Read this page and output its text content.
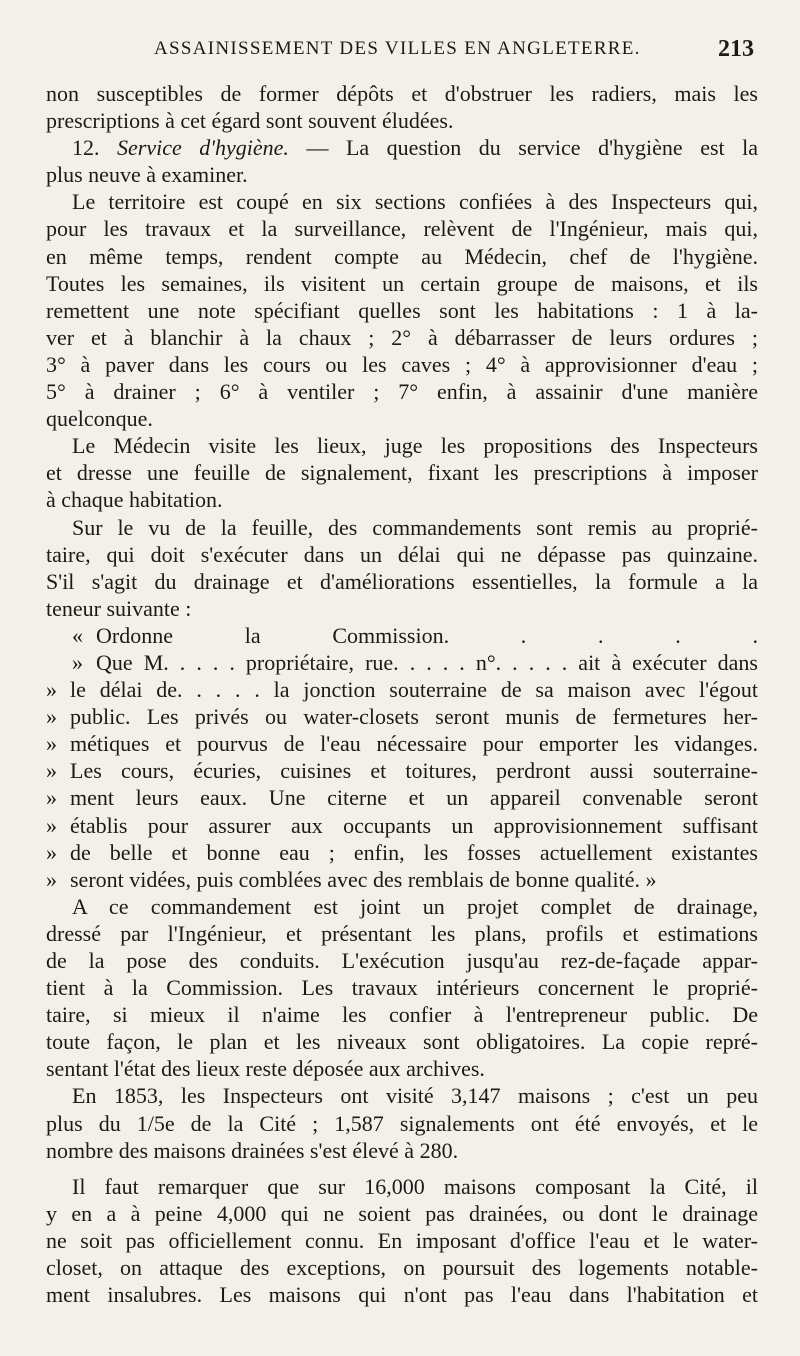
ASSAINISSEMENT DES VILLES EN ANGLETERRE.	213

non susceptibles de former dépôts et d'obstruer les radiers, mais les
prescriptions à cet égard sont souvent éludées.

12. Service d'hygiène. — La question du service d'hygiène est la
plus neuve à examiner.

Le territoire est coupé en six sections confiées à des Inspecteurs qui,
pour les travaux et la surveillance, relèvent de l'Ingénieur, mais qui,
en même temps, rendent compte au Médecin, chef de l'hygiène.
Toutes les semaines, ils visitent un certain groupe de maisons, et ils
remettent une note spécifiant quelles sont les habitations : 1 à la-
ver et à blanchir à la chaux ; 2° à débarrasser de leurs ordures ;
3° à paver dans les cours ou les caves ; 4° à approvisionner d'eau ;
5° à drainer ; 6° à ventiler ; 7° enfin, à assainir d'une manière
quelconque.

Le Médecin visite les lieux, juge les propositions des Inspecteurs
et dresse une feuille de signalement, fixant les prescriptions à imposer
à chaque habitation.

Sur le vu de la feuille, des commandements sont remis au proprié-
taire, qui doit s'exécuter dans un délai qui ne dépasse pas quinzaine.
S'il s'agit du drainage et d'améliorations essentielles, la formule a la
teneur suivante :

« Ordonne la Commission. . . . .
» Que M. . . . . propriétaire, rue. . . . . n°. . . . . ait à exécuter dans
» le délai de. . . . . la jonction souterraine de sa maison avec l'égout
» public. Les privés ou water-closets seront munis de fermetures her-
» métiques et pourvus de l'eau nécessaire pour emporter les vidanges.
» Les cours, écuries, cuisines et toitures, perdront aussi souterraine-
» ment leurs eaux. Une citerne et un appareil convenable seront
» établis pour assurer aux occupants un approvisionnement suffisant
» de belle et bonne eau ; enfin, les fosses actuellement existantes
» seront vidées, puis comblées avec des remblais de bonne qualité. »

A ce commandement est joint un projet complet de drainage,
dressé par l'Ingénieur, et présentant les plans, profils et estimations
de la pose des conduits. L'exécution jusqu'au rez-de-façade appar-
tient à la Commission. Les travaux intérieurs concernent le proprié-
taire, si mieux il n'aime les confier à l'entrepreneur public. De
toute façon, le plan et les niveaux sont obligatoires. La copie repré-
sentant l'état des lieux reste déposée aux archives.

En 1853, les Inspecteurs ont visité 3,147 maisons ; c'est un peu
plus du 1/5e de la Cité ; 1,587 signalements ont été envoyés, et le
nombre des maisons drainées s'est élevé à 280.

Il faut remarquer que sur 16,000 maisons composant la Cité, il
y en a à peine 4,000 qui ne soient pas drainées, ou dont le drainage
ne soit pas officiellement connu. En imposant d'office l'eau et le water-
closet, on attaque des exceptions, on poursuit des logements notable-
ment insalubres. Les maisons qui n'ont pas l'eau dans l'habitation et
